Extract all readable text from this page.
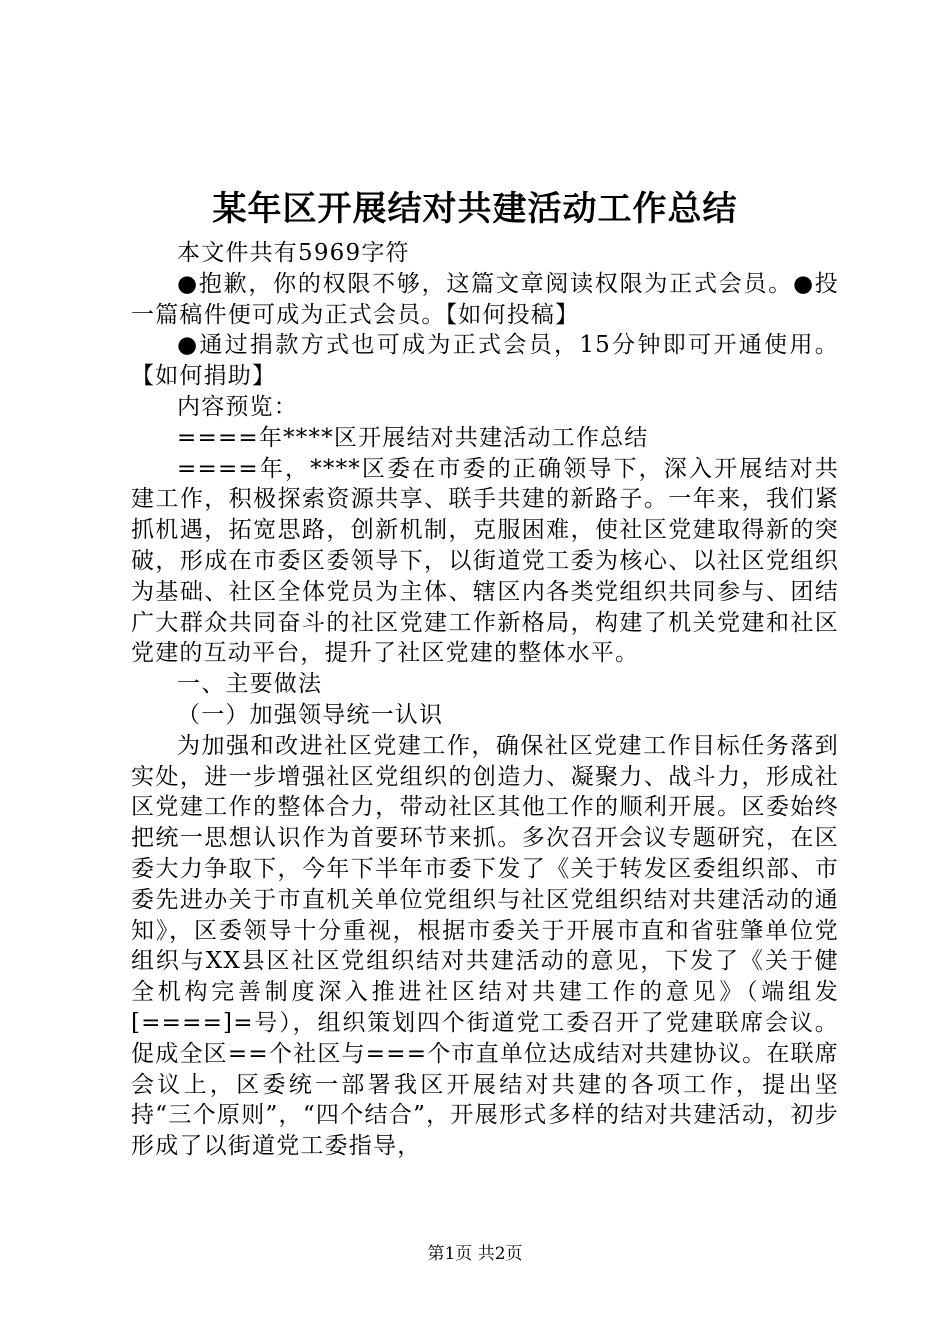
某年区开展结对共建活动工作总结

本文件共有5969字符

●抱歉，你的权限不够，这篇文章阅读权限为正式会员。●投一篇稿件便可成为正式会员。【如何投稿】

●通过捐款方式也可成为正式会员，15分钟即可开通使用。【如何捐助】

内容预览：

====年****区开展结对共建活动工作总结

====年，****区委在市委的正确领导下，深入开展结对共建工作，积极探索资源共享、联手共建的新路子。一年来，我们紧抓机遇，拓宽思路，创新机制，克服困难，使社区党建取得新的突破，形成在市委区委领导下，以街道党工委为核心、以社区党组织为基础、社区全体党员为主体、辖区内各类党组织共同参与、团结广大群众共同奋斗的社区党建工作新格局，构建了机关党建和社区党建的互动平台，提升了社区党建的整体水平。

一、主要做法

（一）加强领导统一认识

为加强和改进社区党建工作，确保社区党建工作目标任务落到实处，进一步增强社区党组织的创造力、凝聚力、战斗力，形成社区党建工作的整体合力，带动社区其他工作的顺利开展。区委始终把统一思想认识作为首要环节来抓。多次召开会议专题研究，在区委大力争取下，今年下半年市委下发了《关于转发区委组织部、市委先进办关于市直机关单位党组织与社区党组织结对共建活动的通知》，区委领导十分重视，根据市委关于开展市直和省驻肇单位党组织与XX县区社区党组织结对共建活动的意见，下发了《关于健全机构完善制度深入推进社区结对共建工作的意见》（端组发[====]=号），组织策划四个街道党工委召开了党建联席会议。促成全区==个社区与===个市直单位达成结对共建协议。在联席会议上，区委统一部署我区开展结对共建的各项工作，提出坚持“三个原则”，“四个结合”，开展形式多样的结对共建活动，初步形成了以街道党工委指导，

第1页 共2页
